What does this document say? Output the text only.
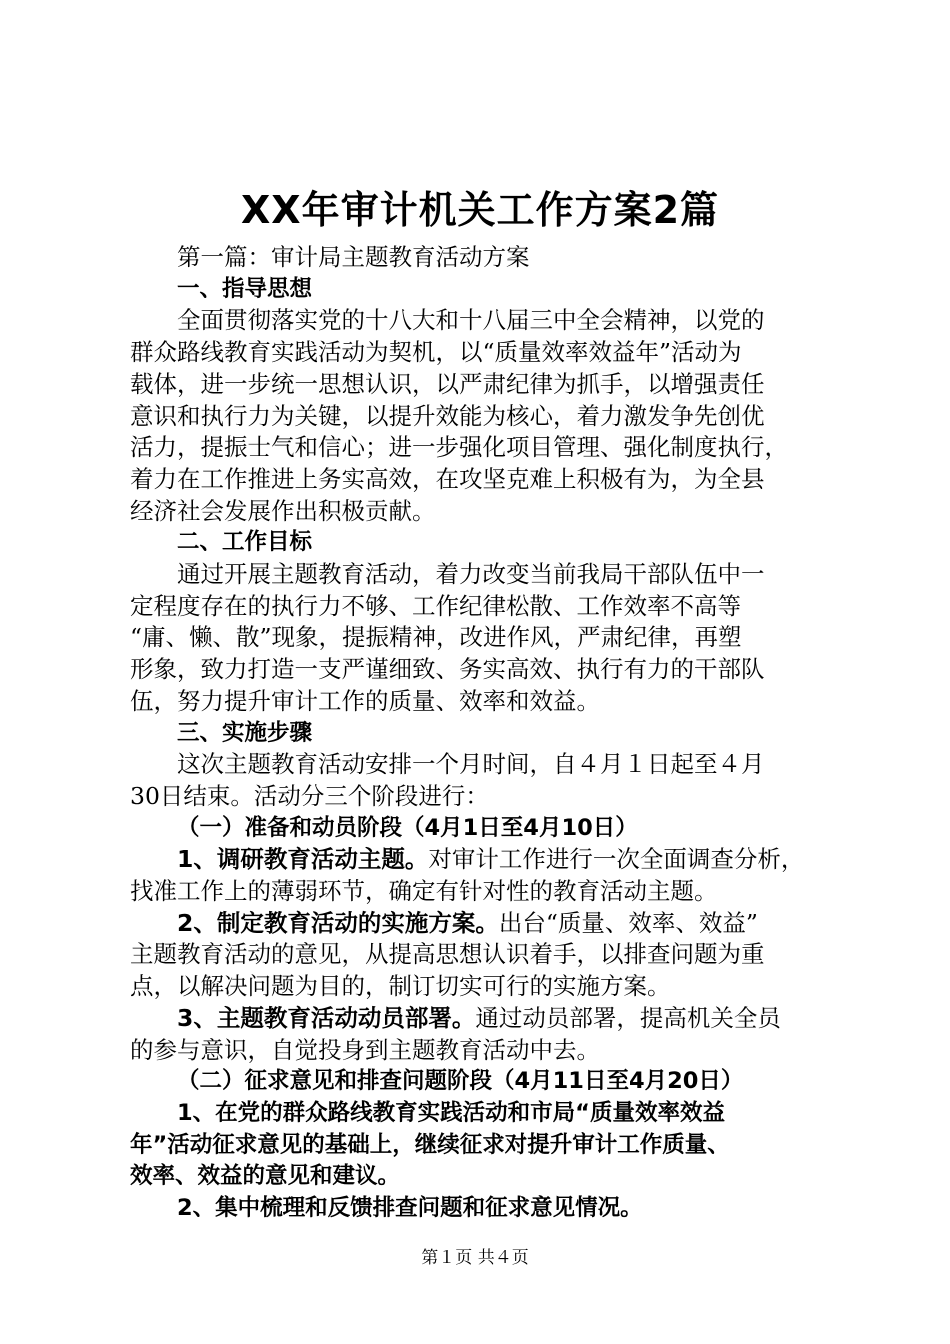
XX年审计机关工作方案2篇

第一篇：审计局主题教育活动方案

一、指导思想

全面贯彻落实党的十八大和十八届三中全会精神，以党的

群众路线教育实践活动为契机，以“质量效率效益年”活动为

载体，进一步统一思想认识，以严肃纪律为抓手，以增强责任

意识和执行力为关键，以提升效能为核心，着力激发争先创优

活力，提振士气和信心；进一步强化项目管理、强化制度执行，

着力在工作推进上务实高效，在攻坚克难上积极有为，为全县

经济社会发展作出积极贡献。

二、工作目标

通过开展主题教育活动，着力改变当前我局干部队伍中一

定程度存在的执行力不够、工作纪律松散、工作效率不高等

“庸、懒、散”现象，提振精神，改进作风，严肃纪律，再塑

形象，致力打造一支严谨细致、务实高效、执行有力的干部队

伍，努力提升审计工作的质量、效率和效益。

三、实施步骤

这次主题教育活动安排一个月时间，自４月１日起至４月

30日结束。活动分三个阶段进行：

（一）准备和动员阶段（4月1日至4月10日）

1、调研教育活动主题。对审计工作进行一次全面调查分析，

找准工作上的薄弱环节，确定有针对性的教育活动主题。

2、制定教育活动的实施方案。出台“质量、效率、效益”

主题教育活动的意见，从提高思想认识着手，以排查问题为重

点，以解决问题为目的，制订切实可行的实施方案。

3、主题教育活动动员部署。通过动员部署，提高机关全员

的参与意识，自觉投身到主题教育活动中去。

（二）征求意见和排查问题阶段（4月11日至4月20日）

1、在党的群众路线教育实践活动和市局“质量效率效益

年”活动征求意见的基础上，继续征求对提升审计工作质量、

效率、效益的意见和建议。

2、集中梳理和反馈排查问题和征求意见情况。

第１页 共４页
